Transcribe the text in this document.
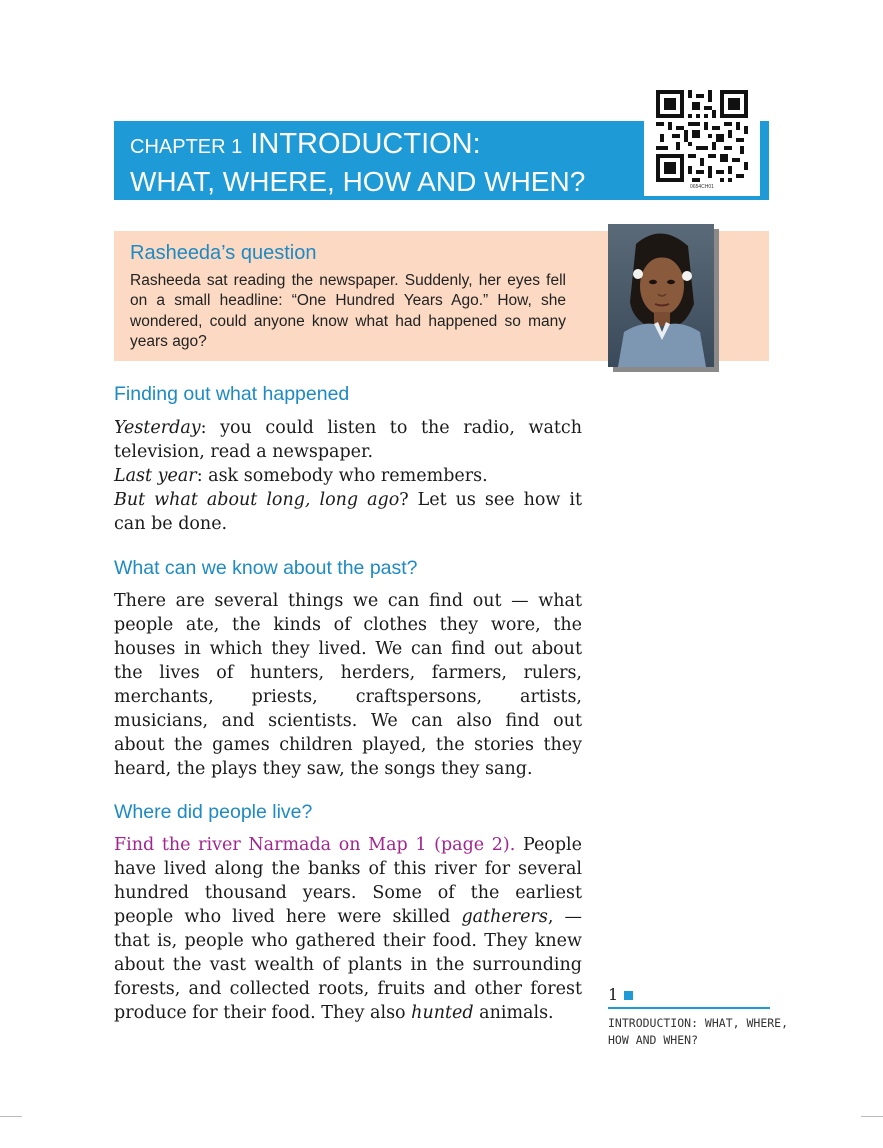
CHAPTER 1 INTRODUCTION:
WHAT, WHERE, HOW AND WHEN?	0654CH01
Rasheeda’s question
Rasheeda sat reading the newspaper. Suddenly, her eyes fell on a small headline: “One Hundred Years Ago.” How, she wondered, could anyone know what had happened so many years ago?
Finding out what happened

Yesterday: you could listen to the radio, watch television, read a newspaper.

Last year: ask somebody who remembers.

But what about long, long ago? Let us see how it can be done.

What can we know about the past?

There are several things we can find out — what people ate, the kinds of clothes they wore, the houses in which they lived. We can find out about the lives of hunters, herders, farmers, rulers, merchants, priests, craftspersons, artists, musicians, and scientists. We can also find out about the games children played, the stories they heard, the plays they saw, the songs they sang.

Where did people live?

Find the river Narmada on Map 1 (page 2). People have lived along the banks of this river for several hundred thousand years. Some of the earliest people who lived here were skilled gatherers, — that is, people who gathered their food. They knew about the vast wealth of plants in the surrounding forests, and collected roots, fruits and other forest produce for their food. They also hunted animals.

1
INTRODUCTION: WHAT, WHERE, HOW AND WHEN?
